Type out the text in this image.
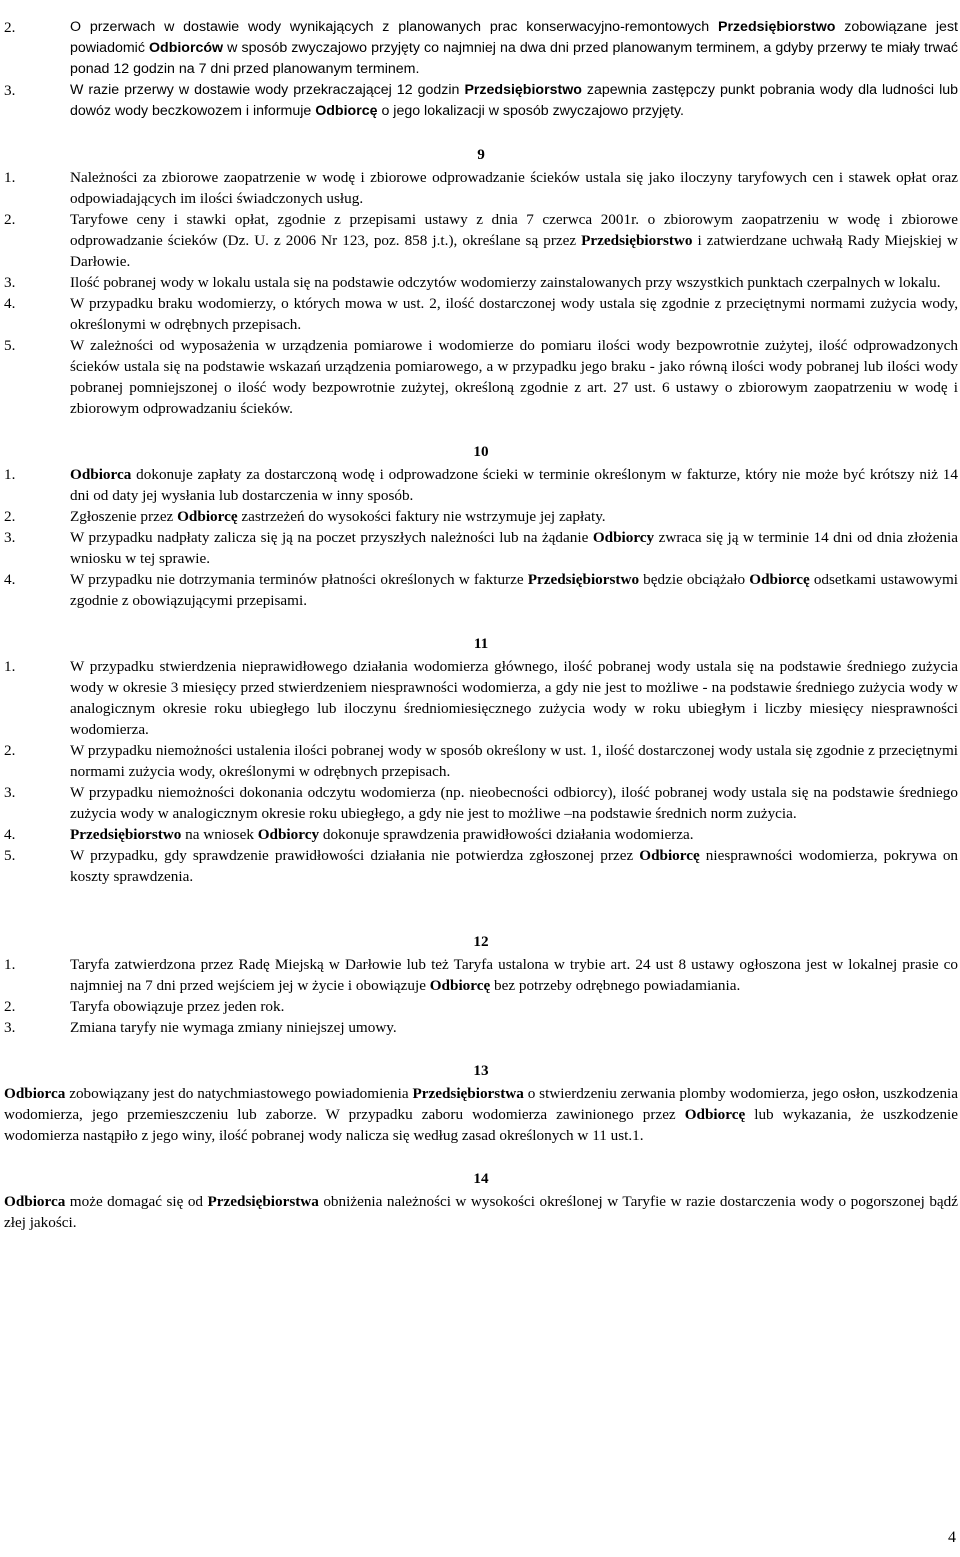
2.	O przerwach w dostawie wody wynikających z planowanych prac konserwacyjno-remontowych Przedsiębiorstwo zobowiązane jest powiadomić Odbiorców w sposób zwyczajowo przyjęty co najmniej na dwa dni przed planowanym terminem, a gdyby przerwy te miały trwać ponad 12 godzin na 7 dni przed planowanym terminem.
3.	W razie przerwy w dostawie wody przekraczającej 12 godzin Przedsiębiorstwo zapewnia zastępczy punkt pobrania wody dla ludności lub dowóz wody beczkowozem i informuje Odbiorcę o jego lokalizacji w sposób zwyczajowo przyjęty.
9
1.	Należności za zbiorowe zaopatrzenie w wodę i zbiorowe odprowadzanie ścieków ustala się jako iloczyny taryfowych cen i stawek opłat oraz odpowiadających im ilości świadczonych usług.
2.	Taryfowe ceny i stawki opłat, zgodnie z przepisami ustawy z dnia 7 czerwca 2001r. o zbiorowym zaopatrzeniu w wodę i zbiorowe odprowadzanie ścieków (Dz. U. z 2006 Nr 123, poz. 858 j.t.), określane są przez Przedsiębiorstwo i zatwierdzane uchwałą Rady Miejskiej w Darłowie.
3.	Ilość pobranej wody w lokalu ustala się na podstawie odczytów wodomierzy zainstalowanych przy wszystkich punktach czerpalnych w lokalu.
4.	W przypadku braku wodomierzy, o których mowa w ust. 2, ilość dostarczonej wody ustala się zgodnie z przeciętnymi normami zużycia wody, określonymi w odrębnych przepisach.
5.	W zależności od wyposażenia w urządzenia pomiarowe i wodomierze do pomiaru ilości wody bezpowrotnie zużytej, ilość odprowadzonych ścieków ustala się na podstawie wskazań urządzenia pomiarowego, a w przypadku jego braku - jako równą ilości wody pobranej lub ilości wody pobranej pomniejszonej o ilość wody bezpowrotnie zużytej, określoną zgodnie z art. 27 ust. 6 ustawy o zbiorowym zaopatrzeniu w wodę i zbiorowym odprowadzaniu ścieków.
10
1.	Odbiorca dokonuje zapłaty za dostarczoną wodę i odprowadzone ścieki w terminie określonym w fakturze, który nie może być krótszy niż 14 dni od daty jej wysłania lub dostarczenia w inny sposób.
2.	Zgłoszenie przez Odbiorcę zastrzeżeń do wysokości faktury nie wstrzymuje jej zapłaty.
3.	W przypadku nadpłaty zalicza się ją na poczet przyszłych należności lub na żądanie Odbiorcy zwraca się ją w terminie 14 dni od dnia złożenia wniosku w tej sprawie.
4.	W przypadku nie dotrzymania terminów płatności określonych w fakturze Przedsiębiorstwo będzie obciążało Odbiorcę odsetkami ustawowymi zgodnie z obowiązującymi przepisami.
11
1.	W przypadku stwierdzenia nieprawidłowego działania wodomierza głównego, ilość pobranej wody ustala się na podstawie średniego zużycia wody w okresie 3 miesięcy przed stwierdzeniem niesprawności wodomierza, a gdy nie jest to możliwe - na podstawie średniego zużycia wody w analogicznym okresie roku ubiegłego lub iloczynu średniomiesięcznego zużycia wody w roku ubiegłym i liczby miesięcy niesprawności wodomierza.
2.	W przypadku niemożności ustalenia ilości pobranej wody w sposób określony w ust. 1, ilość dostarczonej wody ustala się zgodnie z przeciętnymi normami zużycia wody, określonymi w odrębnych przepisach.
3.	W przypadku niemożności dokonania odczytu wodomierza (np. nieobecności odbiorcy), ilość pobranej wody ustala się na podstawie średniego zużycia wody w analogicznym okresie roku ubiegłego, a gdy nie jest to możliwe –na podstawie średnich norm zużycia.
4.	Przedsiębiorstwo na wniosek Odbiorcy dokonuje sprawdzenia prawidłowości działania wodomierza.
5.	W przypadku, gdy sprawdzenie prawidłowości działania nie potwierdza zgłoszonej przez Odbiorcę niesprawności wodomierza, pokrywa on koszty sprawdzenia.
12
1.	Taryfa zatwierdzona przez Radę Miejską w Darłowie lub też Taryfa ustalona w trybie art. 24 ust 8 ustawy ogłoszona jest w lokalnej prasie co najmniej na 7 dni przed wejściem jej w życie i obowiązuje Odbiorcę bez potrzeby odrębnego powiadamiania.
2.	Taryfa obowiązuje przez jeden rok.
3.	Zmiana taryfy nie wymaga zmiany niniejszej umowy.
13
Odbiorca zobowiązany jest do natychmiastowego powiadomienia Przedsiębiorstwa o stwierdzeniu zerwania plomby wodomierza, jego osłon, uszkodzenia wodomierza, jego przemieszczeniu lub zaborze. W przypadku zaboru wodomierza zawinionego przez Odbiorcę lub wykazania, że uszkodzenie wodomierza nastąpiło z jego winy, ilość pobranej wody nalicza się według zasad określonych w 11 ust.1.
14
Odbiorca może domagać się od Przedsiębiorstwa obniżenia należności w wysokości określonej w Taryfie w razie dostarczenia wody o pogorszonej bądź złej jakości.
4
